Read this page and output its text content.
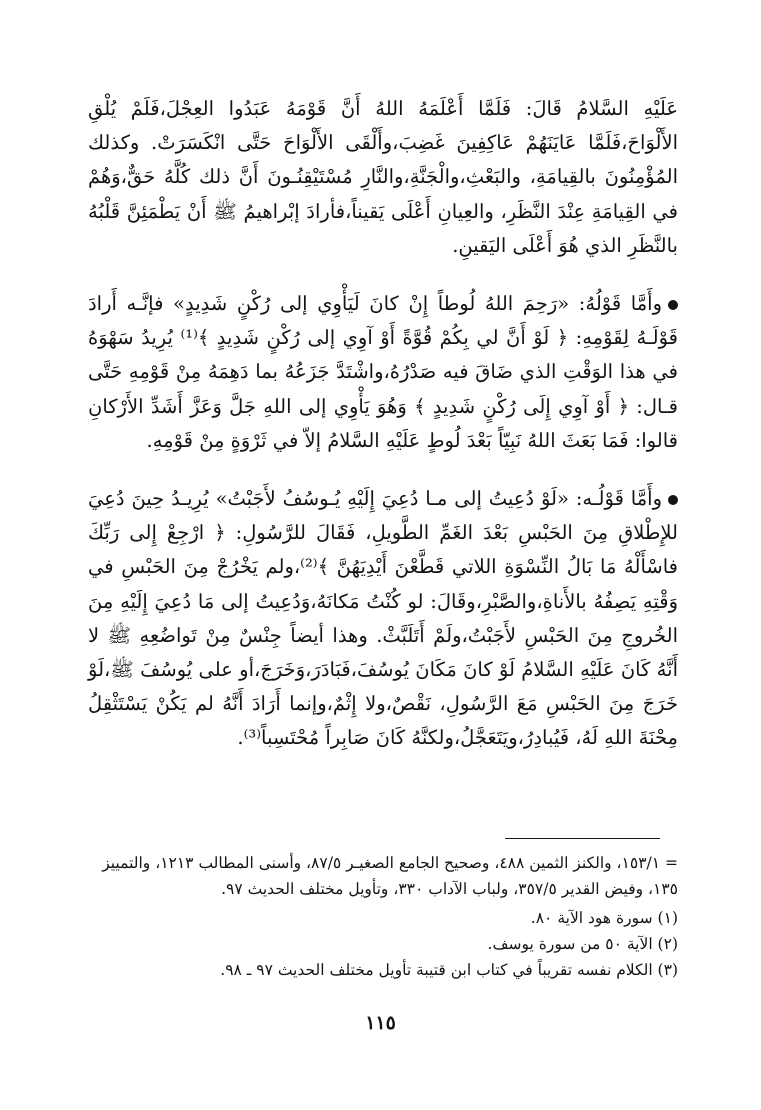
عَلَيْهِ السَّلامُ قَالَ: فَلَمَّا أَعْلَمَهُ اللهُ أَنَّ قَوْمَهُ عَبَدُوا العِجْلَ،فَلَمْ يُلْقِ الأَلْوَاحَ،فَلَمَّا عَايَنَهُمْ عَاكِفِينَ غَضِبَ،وأَلْقَى الأَلْوَاحَ حَتَّى انْكَسَرَتْ. وكذلك المُؤْمِنُونَ بالقِيامَةِ، والبَعْثِ،والْجَنَّةِ،والنَّارِ مُسْتَيْقِنُـونَ أَنَّ ذلك كُلَّهُ حَقٌّ،وَهُمْ في القِيامَةِ عِنْدَ النَّظَرِ، والعِيانِ أَعْلَى يَقيناً،فأرادَ إبْراهيمُ ﷺ أَنْ يَطْمَئِنَّ قَلْبُهُ بالنَّظَرِ الذي هُوَ أَعْلَى اليَقينِ.

وأَمَّا قَوْلُهُ: «رَحِمَ اللهُ لُوطاً إِنْ كانَ لَيَأْوِي إلى رُكْنٍ شَدِيدٍ» فإنَّـه أَرادَ قَوْلَـهُ لِقَوْمِهِ: ﴿ لَوْ أَنَّ لي بِكُمْ قُوَّةً أَوْ آوِي إلى رُكْنٍ شَدِيدٍ ﴾⁽¹⁾ يُرِيدُ سَهْوَهُ في هذا الوَقْتِ الذي ضَاقَ فيه صَدْرُهُ،واشْتَدَّ جَزَعُهُ بما دَهِمَهُ مِنْ قَوْمِهِ حَتَّى قـال: ﴿ أَوْ آوِي إِلَى رُكْنٍ شَدِيدٍ ﴾ وَهُوَ يَأْوِي إلى اللهِ جَلَّ وَعَزَّ أَشَدِّ الأَرْكانِ قالوا: فَمَا بَعَثَ اللهُ نَبِيّاً بَعْدَ لُوطٍ عَلَيْهِ السَّلامُ إلاّ في ثَرْوَةٍ مِنْ قَوْمِهِ.

وأَمَّا قَوْلُـه: «لَوْ دُعِيتُ إلى مـا دُعِيَ إِلَيْهِ يُـوسُفُ لأَجَبْتُ» يُرِيـدُ حِينَ دُعِيَ للإِطْلاقِ مِنَ الحَبْسِ بَعْدَ الغَمِّ الطَّويلِ، فَقَالَ للرَّسُولِ: ﴿ ارْجِعْ إِلى رَبِّكَ فاسْأَلْهُ مَا بَالُ النِّسْوَةِ اللاتي قَطَّعْنَ أَيْدِيَهُنَّ ﴾⁽²⁾،ولم يَخْرُجْ مِنَ الحَبْسِ في وَقْتِهِ يَصِفُهُ بالأَناةِ،والصَّبْرِ،وقَالَ: لو كُنْتُ مَكانَهُ،وَدُعِيتُ إلى مَا دُعِيَ إِلَيْهِ مِنَ الخُروجِ مِنَ الحَبْسِ لأَجَبْتُ،ولَمْ أَتَلَبَّثْ. وهذا أيضاً جِنْسٌ مِنْ تَواضُعِهِ ﷺ لا أَنَّهُ كَانَ عَلَيْهِ السَّلامُ لَوْ كانَ مَكَانَ يُوسُفَ،فَبَادَرَ،وَخَرَجَ،أو على يُوسُفَ ﷺ،لَوْ خَرَجَ مِنَ الحَبْسِ مَعَ الرَّسُولِ، نَقْصٌ،ولا إِثْمٌ،وإنما أَرَادَ أَنَّهُ لم يَكُنْ يَسْتَثْقِلُ مِحْنَةَ اللهِ لَهُ، فَيُبادِرُ،ويَتَعَجَّلُ،ولكنَّهُ كَانَ صَابِراً مُحْتَسِباً⁽³⁾.

= ١٥٣/١، والكنز الثمين ٤٨٨، وصحيح الجامع الصغيـر ٨٧/٥، وأسنى المطالب ١٢١٣، والتمييز ١٣٥، وفيض القدير ٣٥٧/٥، ولباب الآداب ٣٣٠، وتأويل مختلف الحديث ٩٧.

(١) سورة هود الآية ٨٠.

(٢) الآية ٥٠ من سورة يوسف.

(٣) الكلام نفسه تقريباً في كتاب ابن قتيبة تأويل مختلف الحديث ٩٧ ـ ٩٨.

١١٥
